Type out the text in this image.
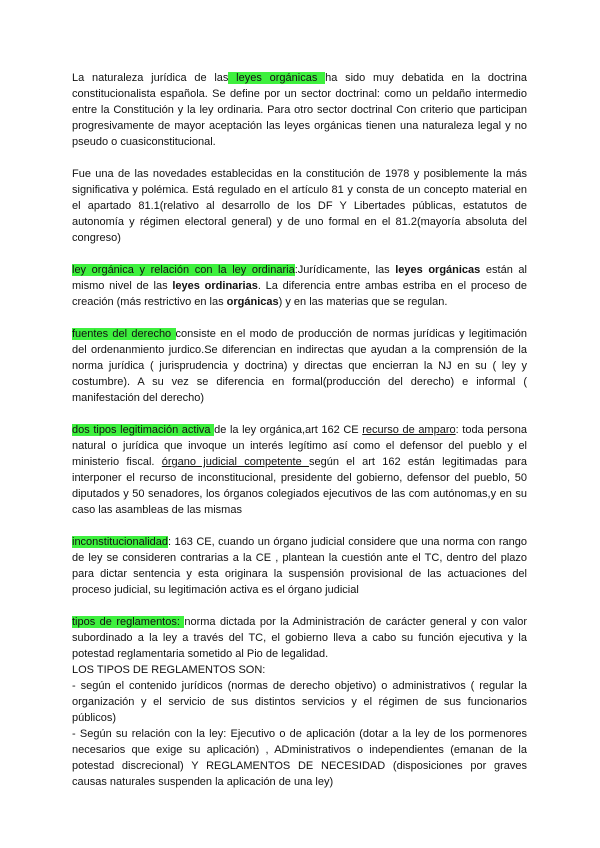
La naturaleza jurídica de las leyes orgánicas ha sido muy debatida en la doctrina constitucionalista española. Se define por un sector doctrinal: como un peldaño intermedio entre la Constitución y la ley ordinaria. Para otro sector doctrinal Con criterio que participan progresivamente de mayor aceptación las leyes orgánicas tienen una naturaleza legal y no pseudo o cuasiconstitucional.

Fue una de las novedades establecidas en la constitución de 1978 y posiblemente la más significativa y polémica. Está regulado en el artículo 81 y consta de un concepto material en el apartado 81.1(relativo al desarrollo de los DF Y Libertades públicas, estatutos de autonomía y régimen electoral general) y de uno formal en el 81.2(mayoría absoluta del congreso)

ley orgánica y relación con la ley ordinaria:Jurídicamente, las leyes orgánicas están al mismo nivel de las leyes ordinarias. La diferencia entre ambas estriba en el proceso de creación (más restrictivo en las orgánicas) y en las materias que se regulan.

fuentes del derecho consiste en el modo de producción de normas jurídicas y legitimación del ordenanmiento jurdico.Se diferencian en indirectas que ayudan a la comprensión de la norma jurídica ( jurisprudencia y doctrina) y directas que encierran la NJ en su ( ley y costumbre). A su vez se diferencia en formal(producción del derecho) e informal ( manifestación del derecho)

dos tipos legitimación activa de la ley orgánica,art 162 CE recurso de amparo: toda persona natural o jurídica que invoque un interés legítimo así como el defensor del pueblo y el ministerio fiscal. órgano judicial competente según el art 162 están legitimadas para interponer el recurso de inconstitucional, presidente del gobierno, defensor del pueblo, 50 diputados y 50 senadores, los órganos colegiados ejecutivos de las com autónomas,y en su caso las asambleas de las mismas

inconstitucionalidad: 163 CE, cuando un órgano judicial considere que una norma con rango de ley se consideren contrarias a la CE , plantean la cuestión ante el TC, dentro del plazo para dictar sentencia y esta originara la suspensión provisional de las actuaciones del proceso judicial, su legitimación activa es el órgano judicial

tipos de reglamentos: norma dictada por la Administración de carácter general y con valor subordinado a la ley a través del TC, el gobierno lleva a cabo su función ejecutiva y la potestad reglamentaria sometido al Pio de legalidad.

LOS TIPOS DE REGLAMENTOS SON:

- según el contenido jurídicos (normas de derecho objetivo) o administrativos ( regular la organización y el servicio de sus distintos servicios y el régimen de sus funcionarios públicos)

- Según su relación con la ley: Ejecutivo o de aplicación (dotar a la ley de los pormenores necesarios que exige su aplicación) , ADministrativos o independientes (emanan de la potestad discrecional) Y REGLAMENTOS DE NECESIDAD (disposiciones por graves causas naturales suspenden la aplicación de una ley)
